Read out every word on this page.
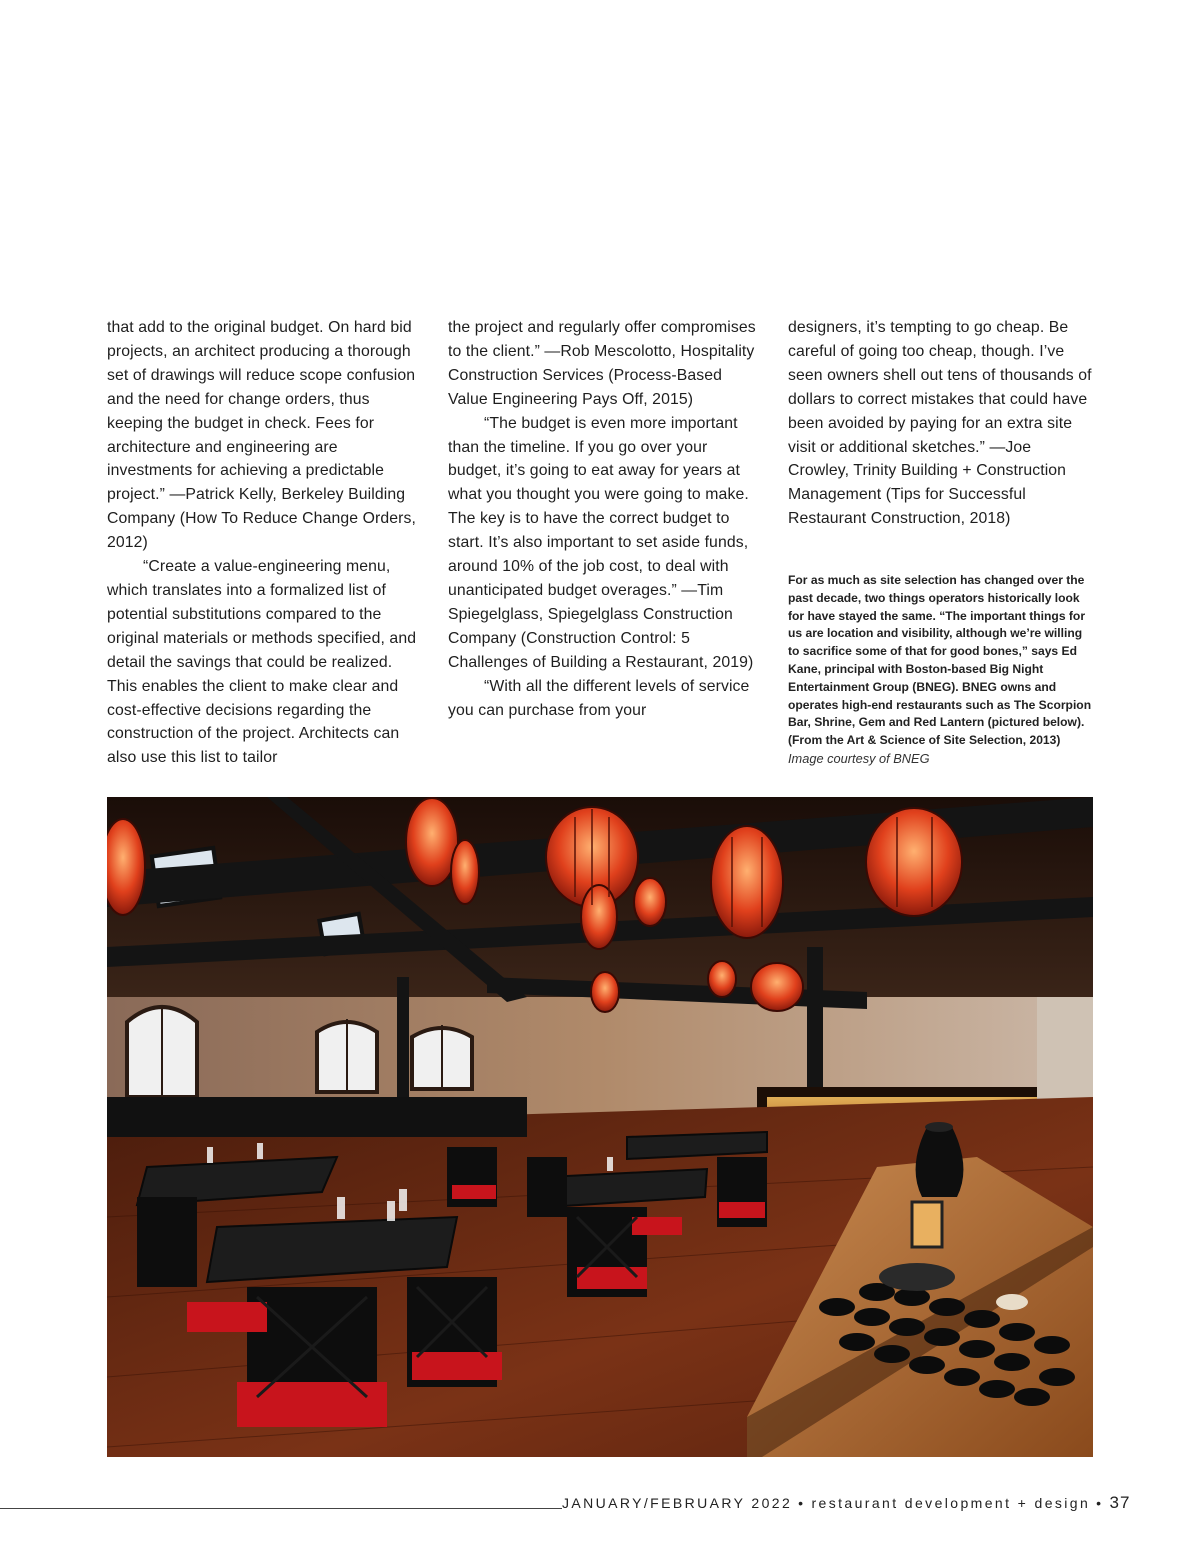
that add to the original budget. On hard bid projects, an architect producing a thorough set of drawings will reduce scope confusion and the need for change orders, thus keeping the budget in check. Fees for architecture and engineering are investments for achieving a predictable project.” —Patrick Kelly, Berkeley Building Company (How To Reduce Change Orders, 2012)

“Create a value-engineering menu, which translates into a formalized list of potential substitutions compared to the original materials or methods specified, and detail the savings that could be realized. This enables the client to make clear and cost-effective decisions regarding the construction of the project. Architects can also use this list to tailor

the project and regularly offer compromises to the client.” —Rob Mescolotto, Hospitality Construction Services (Process-Based Value Engineering Pays Off, 2015)

“The budget is even more important than the timeline. If you go over your budget, it’s going to eat away for years at what you thought you were going to make. The key is to have the correct budget to start. It’s also important to set aside funds, around 10% of the job cost, to deal with unanticipated budget overages.” —Tim Spiegelglass, Spiegelglass Construction Company (Construction Control: 5 Challenges of Building a Restaurant, 2019)

“With all the different levels of service you can purchase from your

designers, it’s tempting to go cheap. Be careful of going too cheap, though. I’ve seen owners shell out tens of thousands of dollars to correct mistakes that could have been avoided by paying for an extra site visit or additional sketches.” —Joe Crowley, Trinity Building + Construction Management (Tips for Successful Restaurant Construction, 2018)

For as much as site selection has changed over the past decade, two things operators historically look for have stayed the same. “The important things for us are location and visibility, although we’re willing to sacrifice some of that for good bones,” says Ed Kane, principal with Boston-based Big Night Entertainment Group (BNEG). BNEG owns and operates high-end restaurants such as The Scorpion Bar, Shrine, Gem and Red Lantern (pictured below). (From the Art & Science of Site Selection, 2013)
Image courtesy of BNEG
JANUARY/FEBRUARY 2022 • restaurant development + design • 37
